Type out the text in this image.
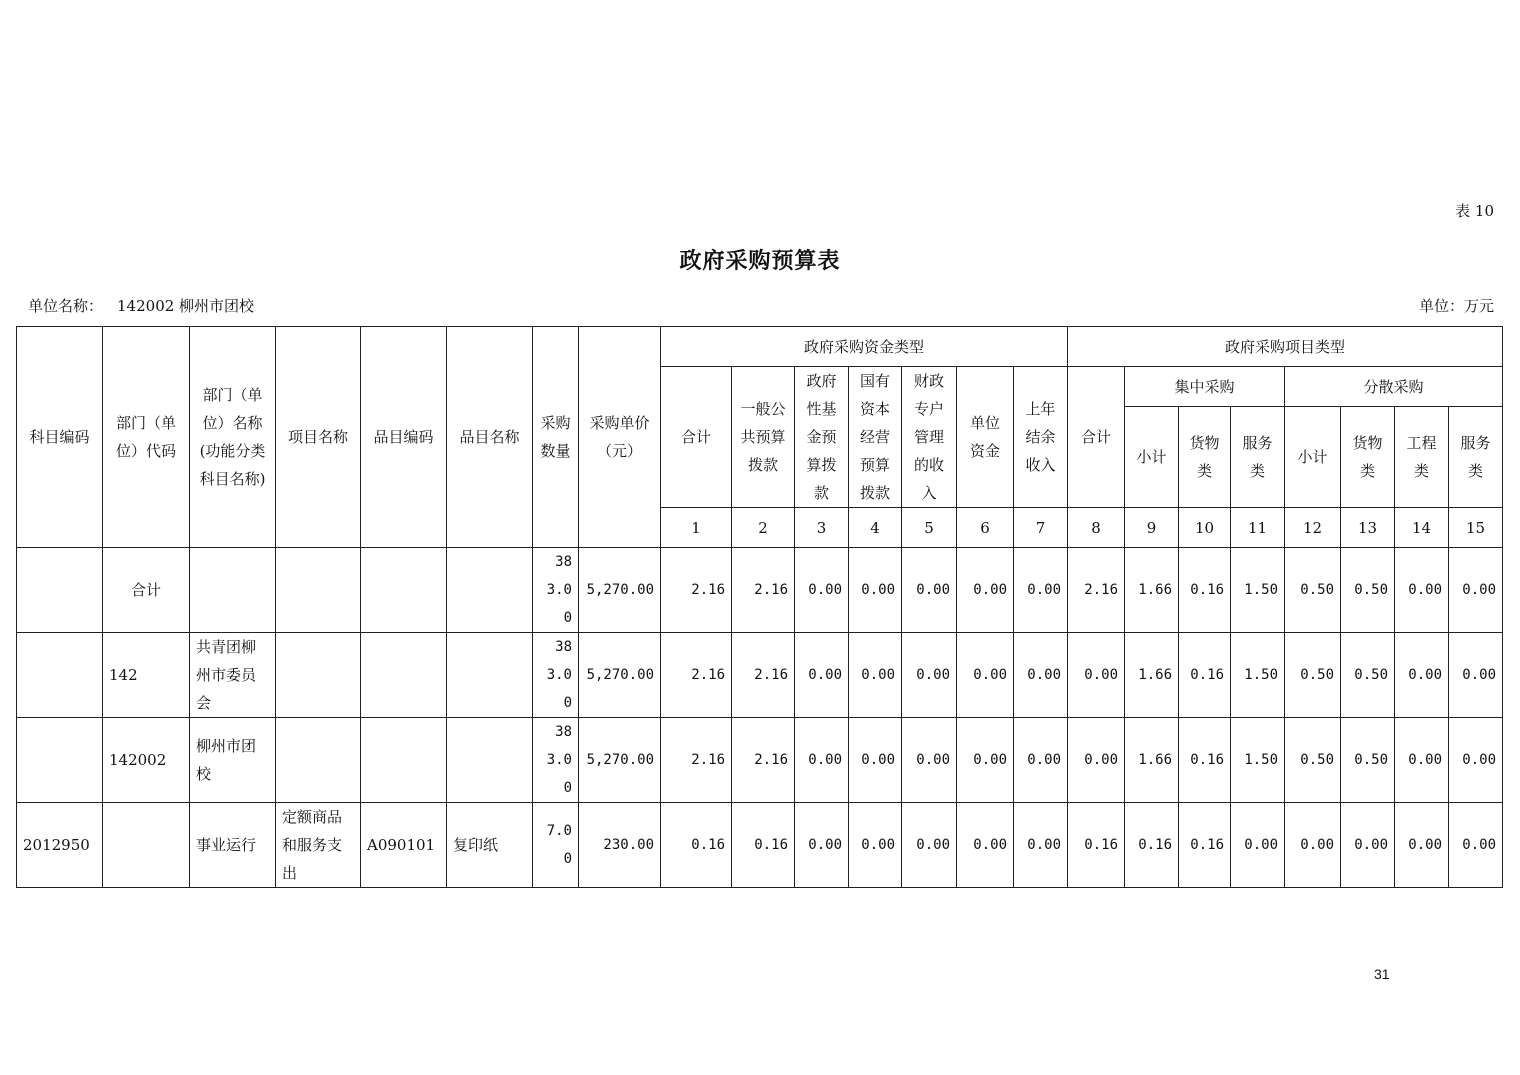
表 10
政府采购预算表
单位名称： 142002 柳州市团校	单位：万元
科目编码	部门（单位）代码	部门（单位）名称(功能分类科目名称)	项目名称	品目编码	品目名称	采购数量	采购单价（元）	政府采购资金类型							政府采购项目类型							
								合计	一般公共预算拨款	政府性基金预算拨款	国有资本经营预算拨款	财政专户管理的收入	单位资金	上年结余收入	合计	集中采购			分散采购			
																小计	货物类	服务类	小计	货物类	工程类	服务类
								1	2	3	4	5	6	7	8	9	10	11	12	13	14	15
	合计					383.00	5,270.00	2.16	2.16	0.00	0.00	0.00	0.00	0.00	2.16	1.66	0.16	1.50	0.50	0.50	0.00	0.00
	142	共青团柳州市委员会				383.00	5,270.00	2.16	2.16	0.00	0.00	0.00	0.00	0.00	0.00	1.66	0.16	1.50	0.50	0.50	0.00	0.00
	142002	柳州市团校				383.00	5,270.00	2.16	2.16	0.00	0.00	0.00	0.00	0.00	0.00	1.66	0.16	1.50	0.50	0.50	0.00	0.00
2012950		事业运行	定额商品和服务支出	A090101	复印纸	7.00	230.00	0.16	0.16	0.00	0.00	0.00	0.00	0.00	0.16	0.16	0.16	0.00	0.00	0.00	0.00	0.00
31
